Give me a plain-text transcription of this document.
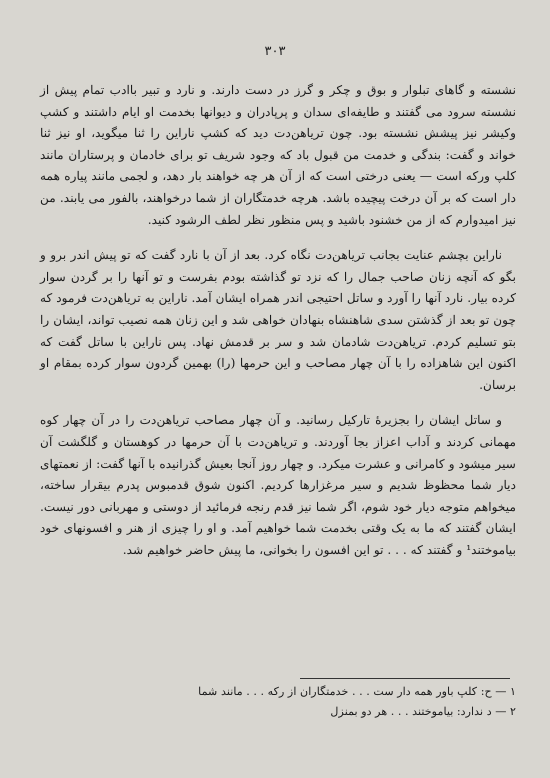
۳۰۳

نشسته و گاهای تبلوار و بوق و چکر و گرز در دست دارند. و نارد و تبیر باادب تمام پیش از نشسته سرود می گفتند و طایفه‌ای سدان و پرپادران و دیوانها بخدمت او ایام داشتند و کشپ وکیشر نیز پیشش نشسته بود. چون تریاهن‌دت دید که کشپ ناراین را ثنا میگوید، او نیز ثنا خواند و گفت: بندگی و خدمت من قبول باد که وجود شریف تو برای خادمان و پرستاران مانند کلپ ورکه است — یعنی درختی است که از آن هر چه خواهند بار دهد، و لجمی مانند پیاره همه دار است که بر آن درخت پیچیده باشد. هرچه خدمتگاران از شما درخواهند، بالفور می یابند. من نیز امیدوارم که از من خشنود باشید و پس منظور نظر لطف الرشود کنید.

ناراین بچشم عنایت بجانب تریاهن‌دت نگاه کرد. بعد از آن با نارد گفت که تو پیش اندر برو و بگو که آنچه زنان صاحب جمال را که نزد تو گذاشته بودم بفرست و تو آنها را بر گردن سوار کرده بیار. نارد آنها را آورد و ساتل احتیجی اندر همراه ایشان آمد. ناراین به تریاهن‌دت فرمود که چون تو بعد از گذشتن سدی شاهنشاه بنهادان خواهی شد و این زنان همه نصیب تواند، ایشان را بتو تسلیم کردم. تریاهن‌دت شادمان شد و سر بر قدمش نهاد. پس ناراین با ساتل گفت که اکنون این شاهزاده را با آن چهار مصاحب و این حرمها (را) بهمین گردون سوار کرده بمقام او برسان.

و ساتل ایشان را بجزیرهٔ تارکیل رسانید. و آن چهار مصاحب تریاهن‌دت را در آن چهار کوه مهمانی کردند و آداب اعزاز بجا آوردند. و تریاهن‌دت با آن حرمها در کوهستان و گلگشت آن سیر میشود و کامرانی و عشرت میکرد. و چهار روز آنجا بعیش گذرانیده با آنها گفت: از نعمتهای دیار شما محظوظ شدیم و سیر مرغزارها کردیم. اکنون شوق قدمبوس پدرم بیقرار ساخته، میخواهم متوجه دیار خود شوم، اگر شما نیز قدم رنجه فرمائید از دوستی و مهربانی دور نیست. ایشان گفتند که ما به یک وقتی بخدمت شما خواهیم آمد. و او را چیزی از هنر و افسونهای خود بیاموختند¹ و گفتند که . . . تو این افسون را بخوانی، ما پیش حاضر خواهیم شد.

۱ — ح: کلپ باور همه دار ست . . . خدمتگاران از رکه . . . مانند شما
۲ — د ندارد: بیاموختند . . . هر دو بمنزل
